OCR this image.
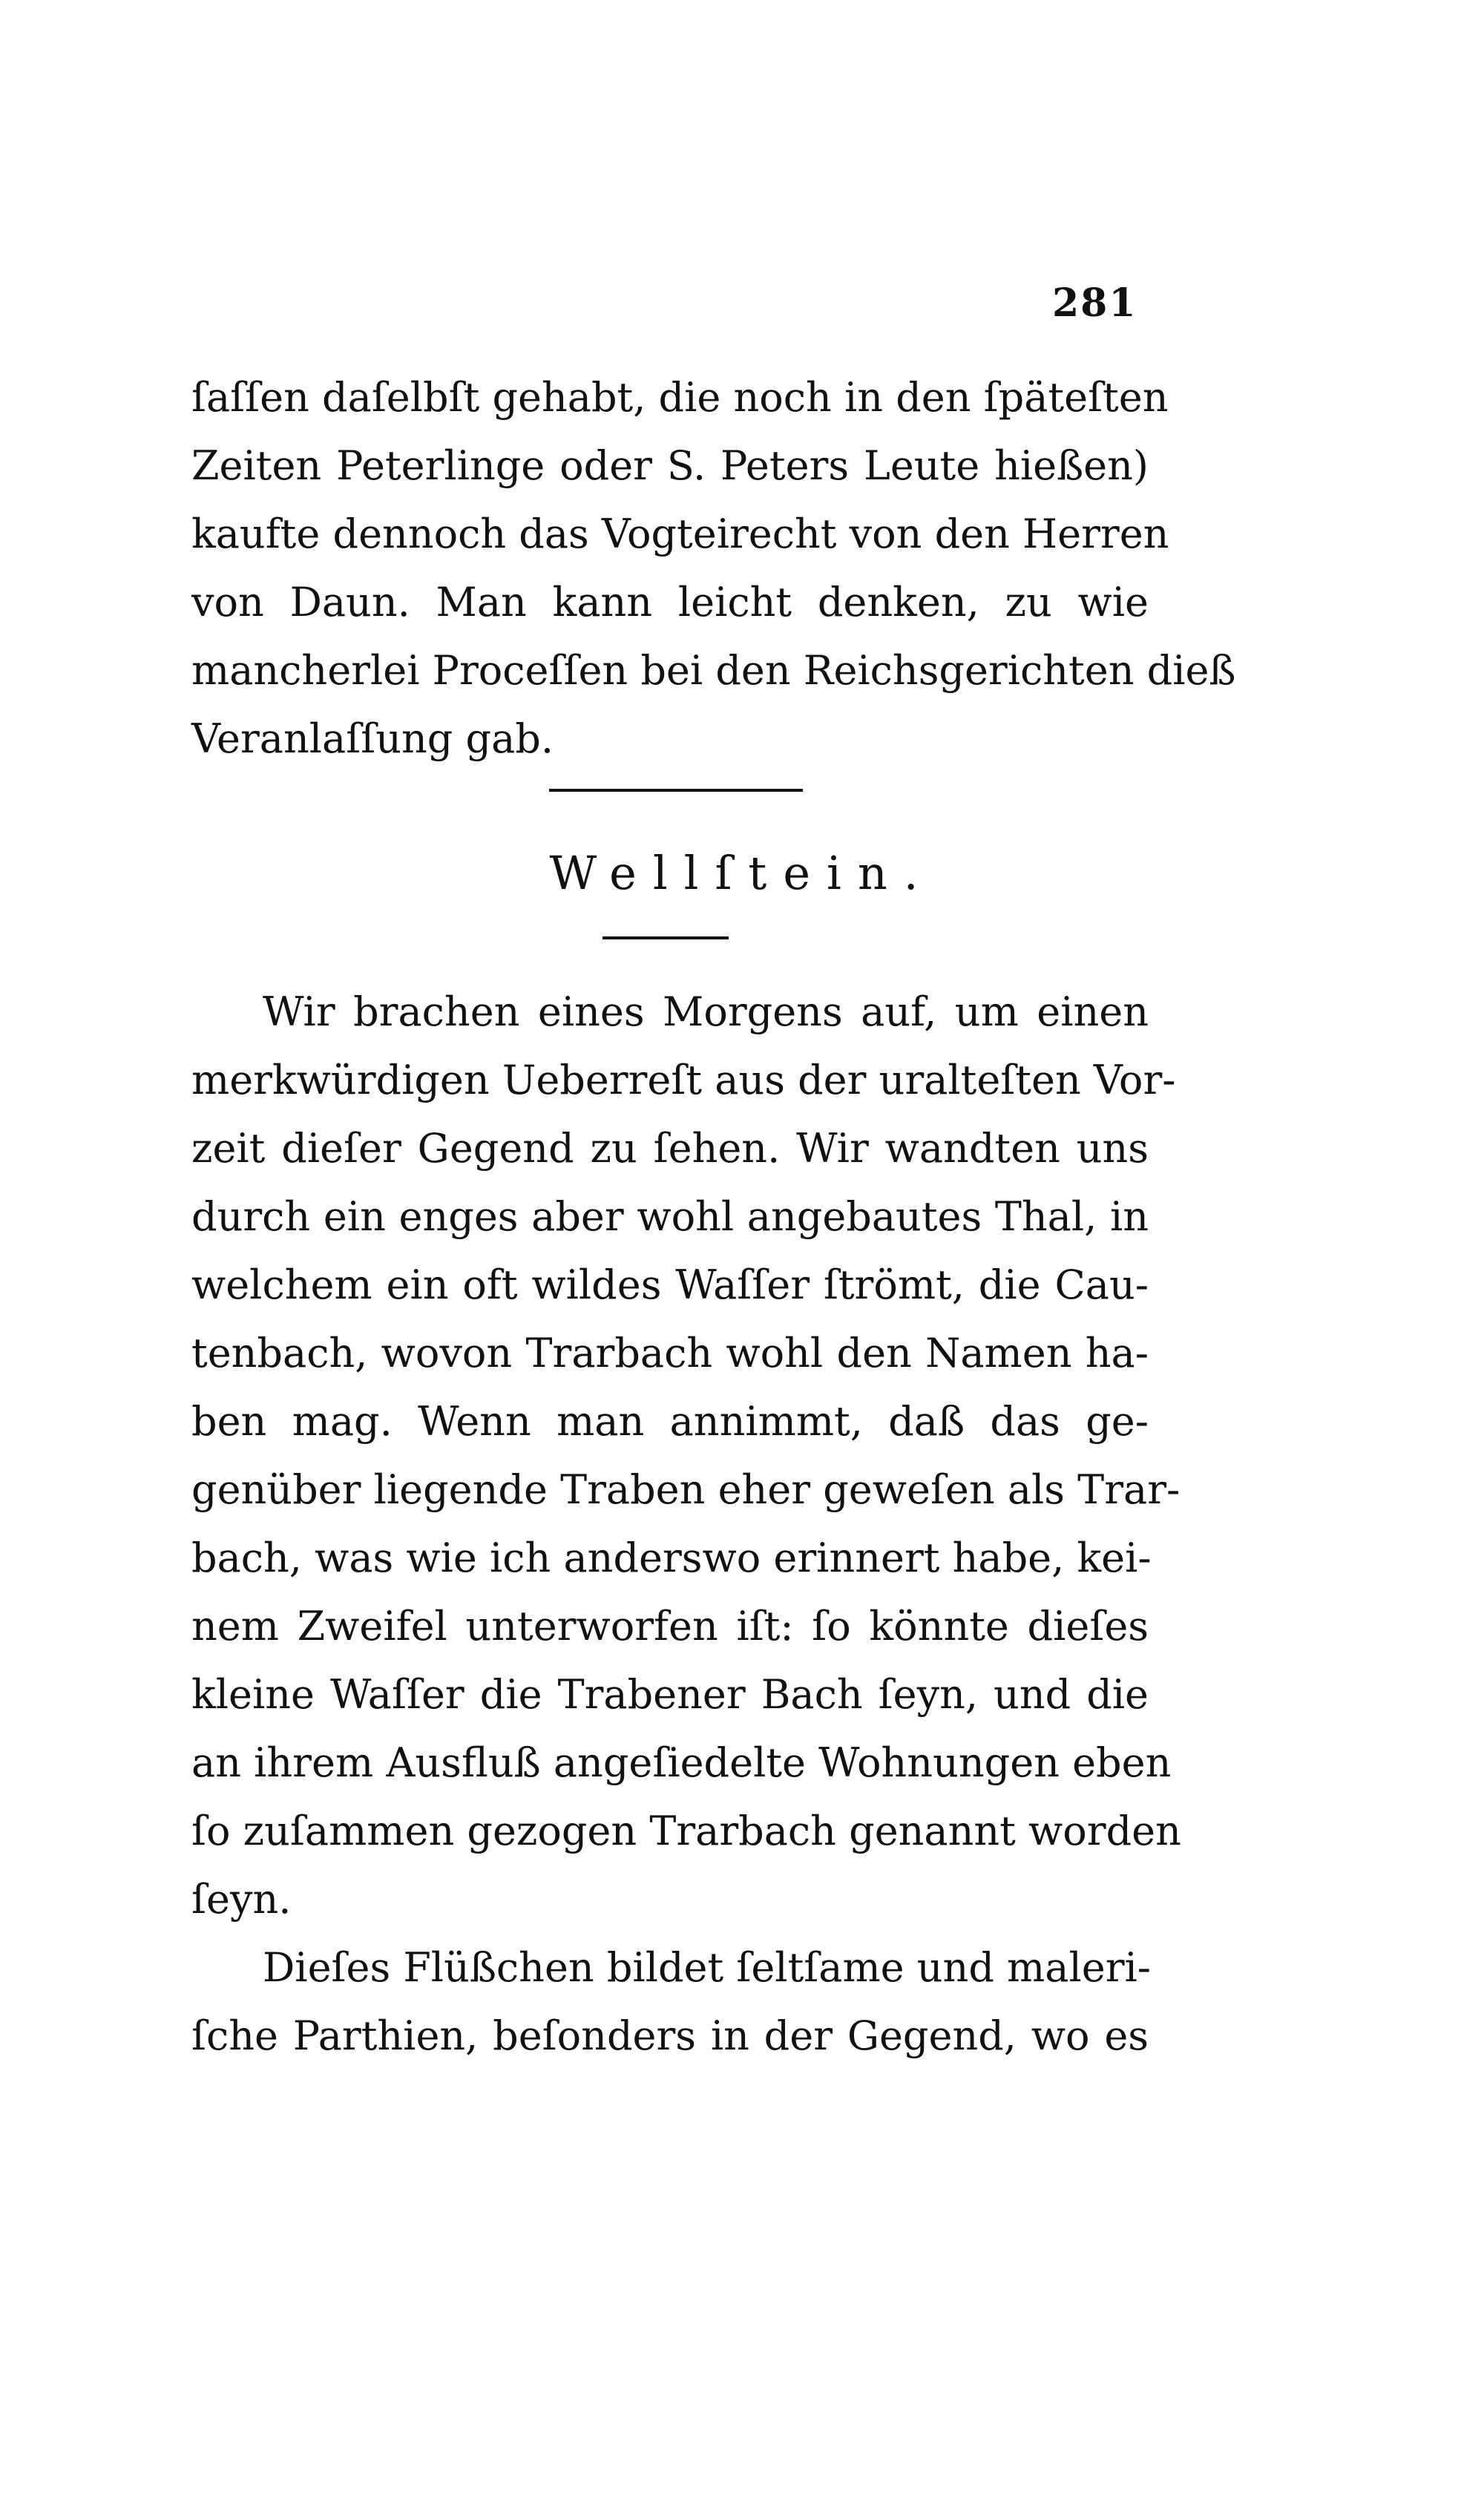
281
ſaſſen daſelbſt gehabt, die noch in den ſpäteſten
Zeiten Peterlinge oder S. Peters Leute hießen)
kaufte dennoch das Vogteirecht von den Herren
von Daun. Man kann leicht denken, zu wie
mancherlei Proceſſen bei den Reichsgerichten dieß
Veranlaſſung gab.
Wellſtein.
Wir brachen eines Morgens auf, um einen
merkwürdigen Ueberreſt aus der uralteſten Vor-
zeit dieſer Gegend zu ſehen. Wir wandten uns
durch ein enges aber wohl angebautes Thal, in
welchem ein oft wildes Waſſer ſtrömt, die Cau-
tenbach, wovon Trarbach wohl den Namen ha-
ben mag. Wenn man annimmt, daß das ge-
genüber liegende Traben eher geweſen als Trar-
bach, was wie ich anderswo erinnert habe, kei-
nem Zweifel unterworfen iſt: ſo könnte dieſes
kleine Waſſer die Trabener Bach ſeyn, und die
an ihrem Ausfluß angeſiedelte Wohnungen eben
ſo zuſammen gezogen Trarbach genannt worden
ſeyn.
Dieſes Flüßchen bildet ſeltſame und maleri-
ſche Parthien, beſonders in der Gegend, wo es
